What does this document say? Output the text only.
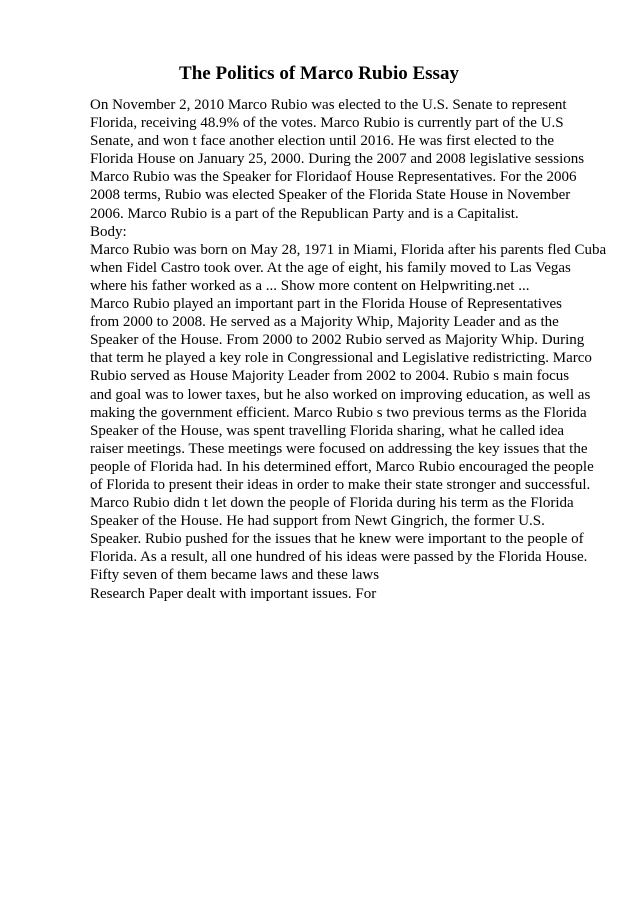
The Politics of Marco Rubio Essay
On November 2, 2010 Marco Rubio was elected to the U.S. Senate to represent
Florida, receiving 48.9% of the votes. Marco Rubio is currently part of the U.S
Senate, and won t face another election until 2016. He was first elected to the
Florida House on January 25, 2000. During the 2007 and 2008 legislative sessions
Marco Rubio was the Speaker for Floridaof House Representatives. For the 2006
2008 terms, Rubio was elected Speaker of the Florida State House in November
2006. Marco Rubio is a part of the Republican Party and is a Capitalist.
Body:
Marco Rubio was born on May 28, 1971 in Miami, Florida after his parents fled Cuba
when Fidel Castro took over. At the age of eight, his family moved to Las Vegas
where his father worked as a ... Show more content on Helpwriting.net ...
Marco Rubio played an important part in the Florida House of Representatives
from 2000 to 2008. He served as a Majority Whip, Majority Leader and as the
Speaker of the House. From 2000 to 2002 Rubio served as Majority Whip. During
that term he played a key role in Congressional and Legislative redistricting. Marco
Rubio served as House Majority Leader from 2002 to 2004. Rubio s main focus
and goal was to lower taxes, but he also worked on improving education, as well as
making the government efficient. Marco Rubio s two previous terms as the Florida
Speaker of the House, was spent travelling Florida sharing, what he called idea
raiser meetings. These meetings were focused on addressing the key issues that the
people of Florida had. In his determined effort, Marco Rubio encouraged the people
of Florida to present their ideas in order to make their state stronger and successful.
Marco Rubio didn t let down the people of Florida during his term as the Florida
Speaker of the House. He had support from Newt Gingrich, the former U.S.
Speaker. Rubio pushed for the issues that he knew were important to the people of
Florida. As a result, all one hundred of his ideas were passed by the Florida House.
Fifty seven of them became laws and these laws
Research Paper dealt with important issues. For
